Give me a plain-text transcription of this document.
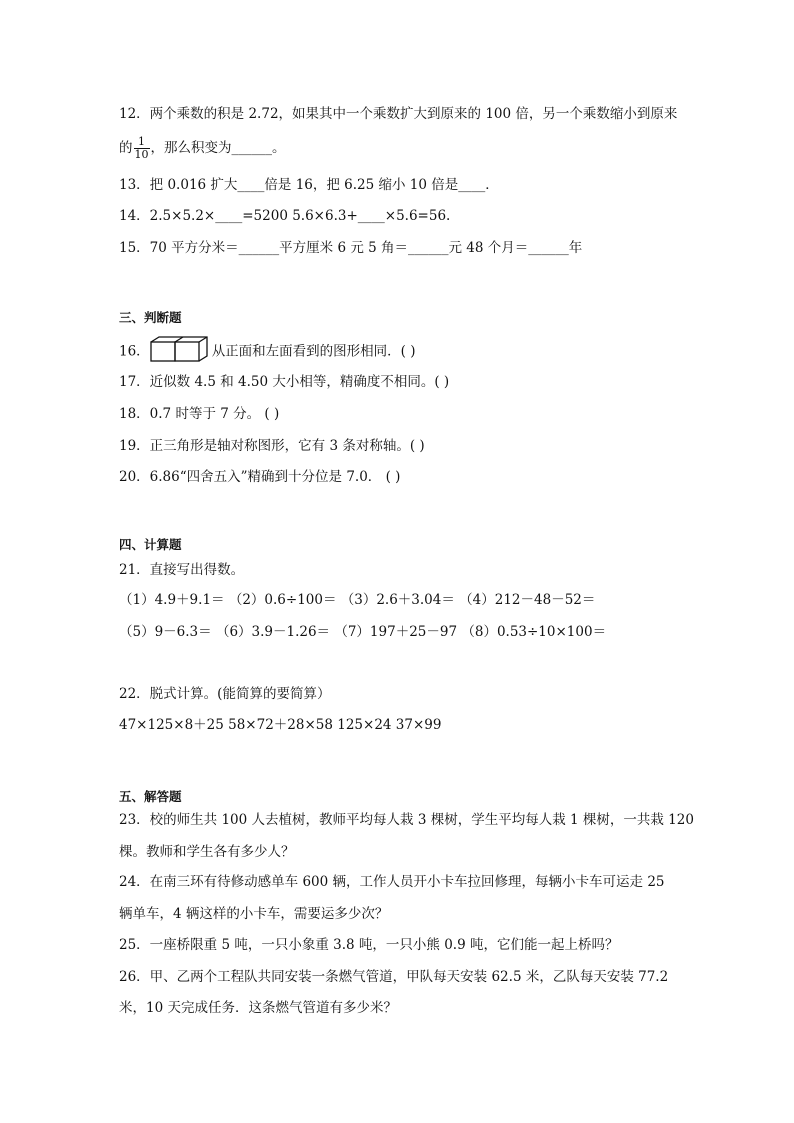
12．两个乘数的积是 2.72，如果其中一个乘数扩大到原来的 100 倍，另一个乘数缩小到原来
的 $\frac{1}{10}$ ，那么积变为______。
13．把 0.016 扩大____倍是 16，把 6.25 缩小 10 倍是____．
14．2.5×5.2×____=5200 5.6×6.3+____×5.6=56.
15．70 平方分米＝______平方厘米 6 元 5 角＝______元 48 个月＝______年
三、判断题
16．	从正面和左面看到的图形相同．( )
17．近似数 4.5 和 4.50 大小相等，精确度不相同。( )
18．0.7 时等于 7 分。 ( )
19．正三角形是轴对称图形，它有 3 条对称轴。( )
20．6.86“四舍五入”精确到十分位是 7.0． ( )
四、计算题
21．直接写出得数。
（1）4.9＋9.1＝ （2）0.6÷100＝ （3）2.6＋3.04＝ （4）212－48－52＝
（5）9－6.3＝ （6）3.9－1.26＝ （7）197＋25－97 （8）0.53÷10×100＝
22．脱式计算。(能简算的要简算）
47×125×8＋25 58×72＋28×58 125×24 37×99
五、解答题
23．校的师生共 100 人去植树，教师平均每人栽 3 棵树，学生平均每人栽 1 棵树，一共栽 120
棵。教师和学生各有多少人？
24．在南三环有待修动感单车 600 辆，工作人员开小卡车拉回修理，每辆小卡车可运走 25
辆单车，4 辆这样的小卡车，需要运多少次？
25．一座桥限重 5 吨，一只小象重 3.8 吨，一只小熊 0.9 吨，它们能一起上桥吗？
26．甲、乙两个工程队共同安装一条燃气管道，甲队每天安装 62.5 米，乙队每天安装 77.2
米，10 天完成任务．这条燃气管道有多少米？
